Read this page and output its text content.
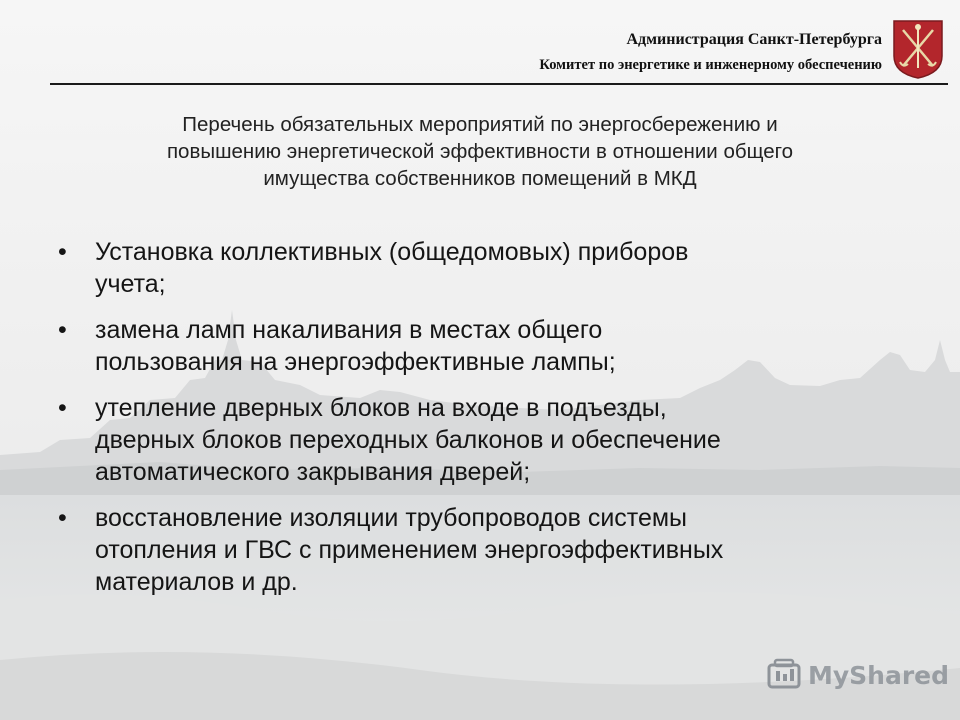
Администрация Санкт-Петербурга
Комитет по энергетике и инженерному обеспечению
Перечень обязательных мероприятий по энергосбережению и
повышению энергетической эффективности в отношении общего
имущества собственников помещений в МКД
• Установка коллективных (общедомовых) приборов
учета;
• замена ламп накаливания в местах общего
пользования на энергоэффективные лампы;
• утепление дверных блоков на входе в подъезды,
дверных блоков переходных балконов и обеспечение
автоматического закрывания дверей;
• восстановление изоляции трубопроводов системы
отопления и ГВС с применением энергоэффективных
материалов и др.
MyShared
